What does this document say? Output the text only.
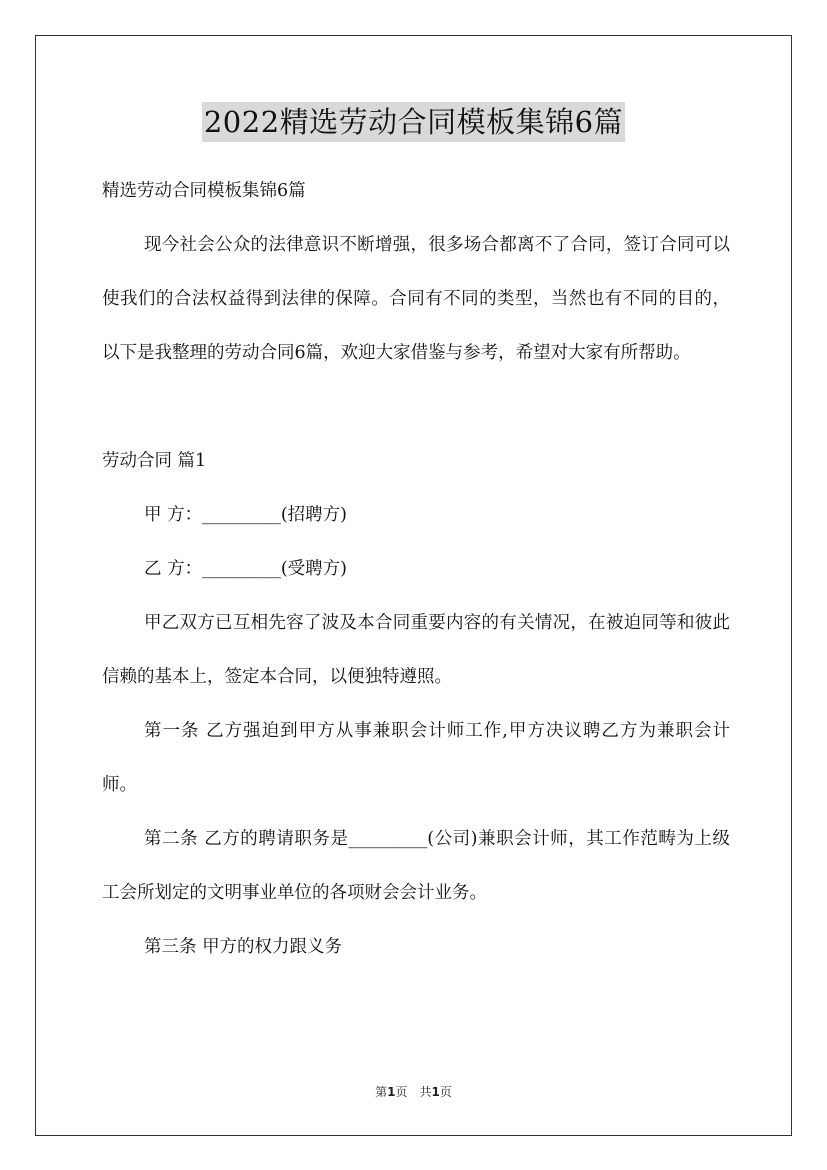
2022精选劳动合同模板集锦6篇

精选劳动合同模板集锦6篇

现今社会公众的法律意识不断增强，很多场合都离不了合同，签订合同可以使我们的合法权益得到法律的保障。合同有不同的类型，当然也有不同的目的，以下是我整理的劳动合同6篇，欢迎大家借鉴与参考，希望对大家有所帮助。

劳动合同 篇1

甲 方：_________(招聘方)

乙 方：_________(受聘方)

甲乙双方已互相先容了波及本合同重要内容的有关情况，在被迫同等和彼此信赖的基本上，签定本合同，以便独特遵照。

第一条 乙方强迫到甲方从事兼职会计师工作,甲方决议聘乙方为兼职会计师。

第二条 乙方的聘请职务是_________(公司)兼职会计师，其工作范畴为上级工会所划定的文明事业单位的各项财会会计业务。

第三条 甲方的权力跟义务

第1页　共1页
